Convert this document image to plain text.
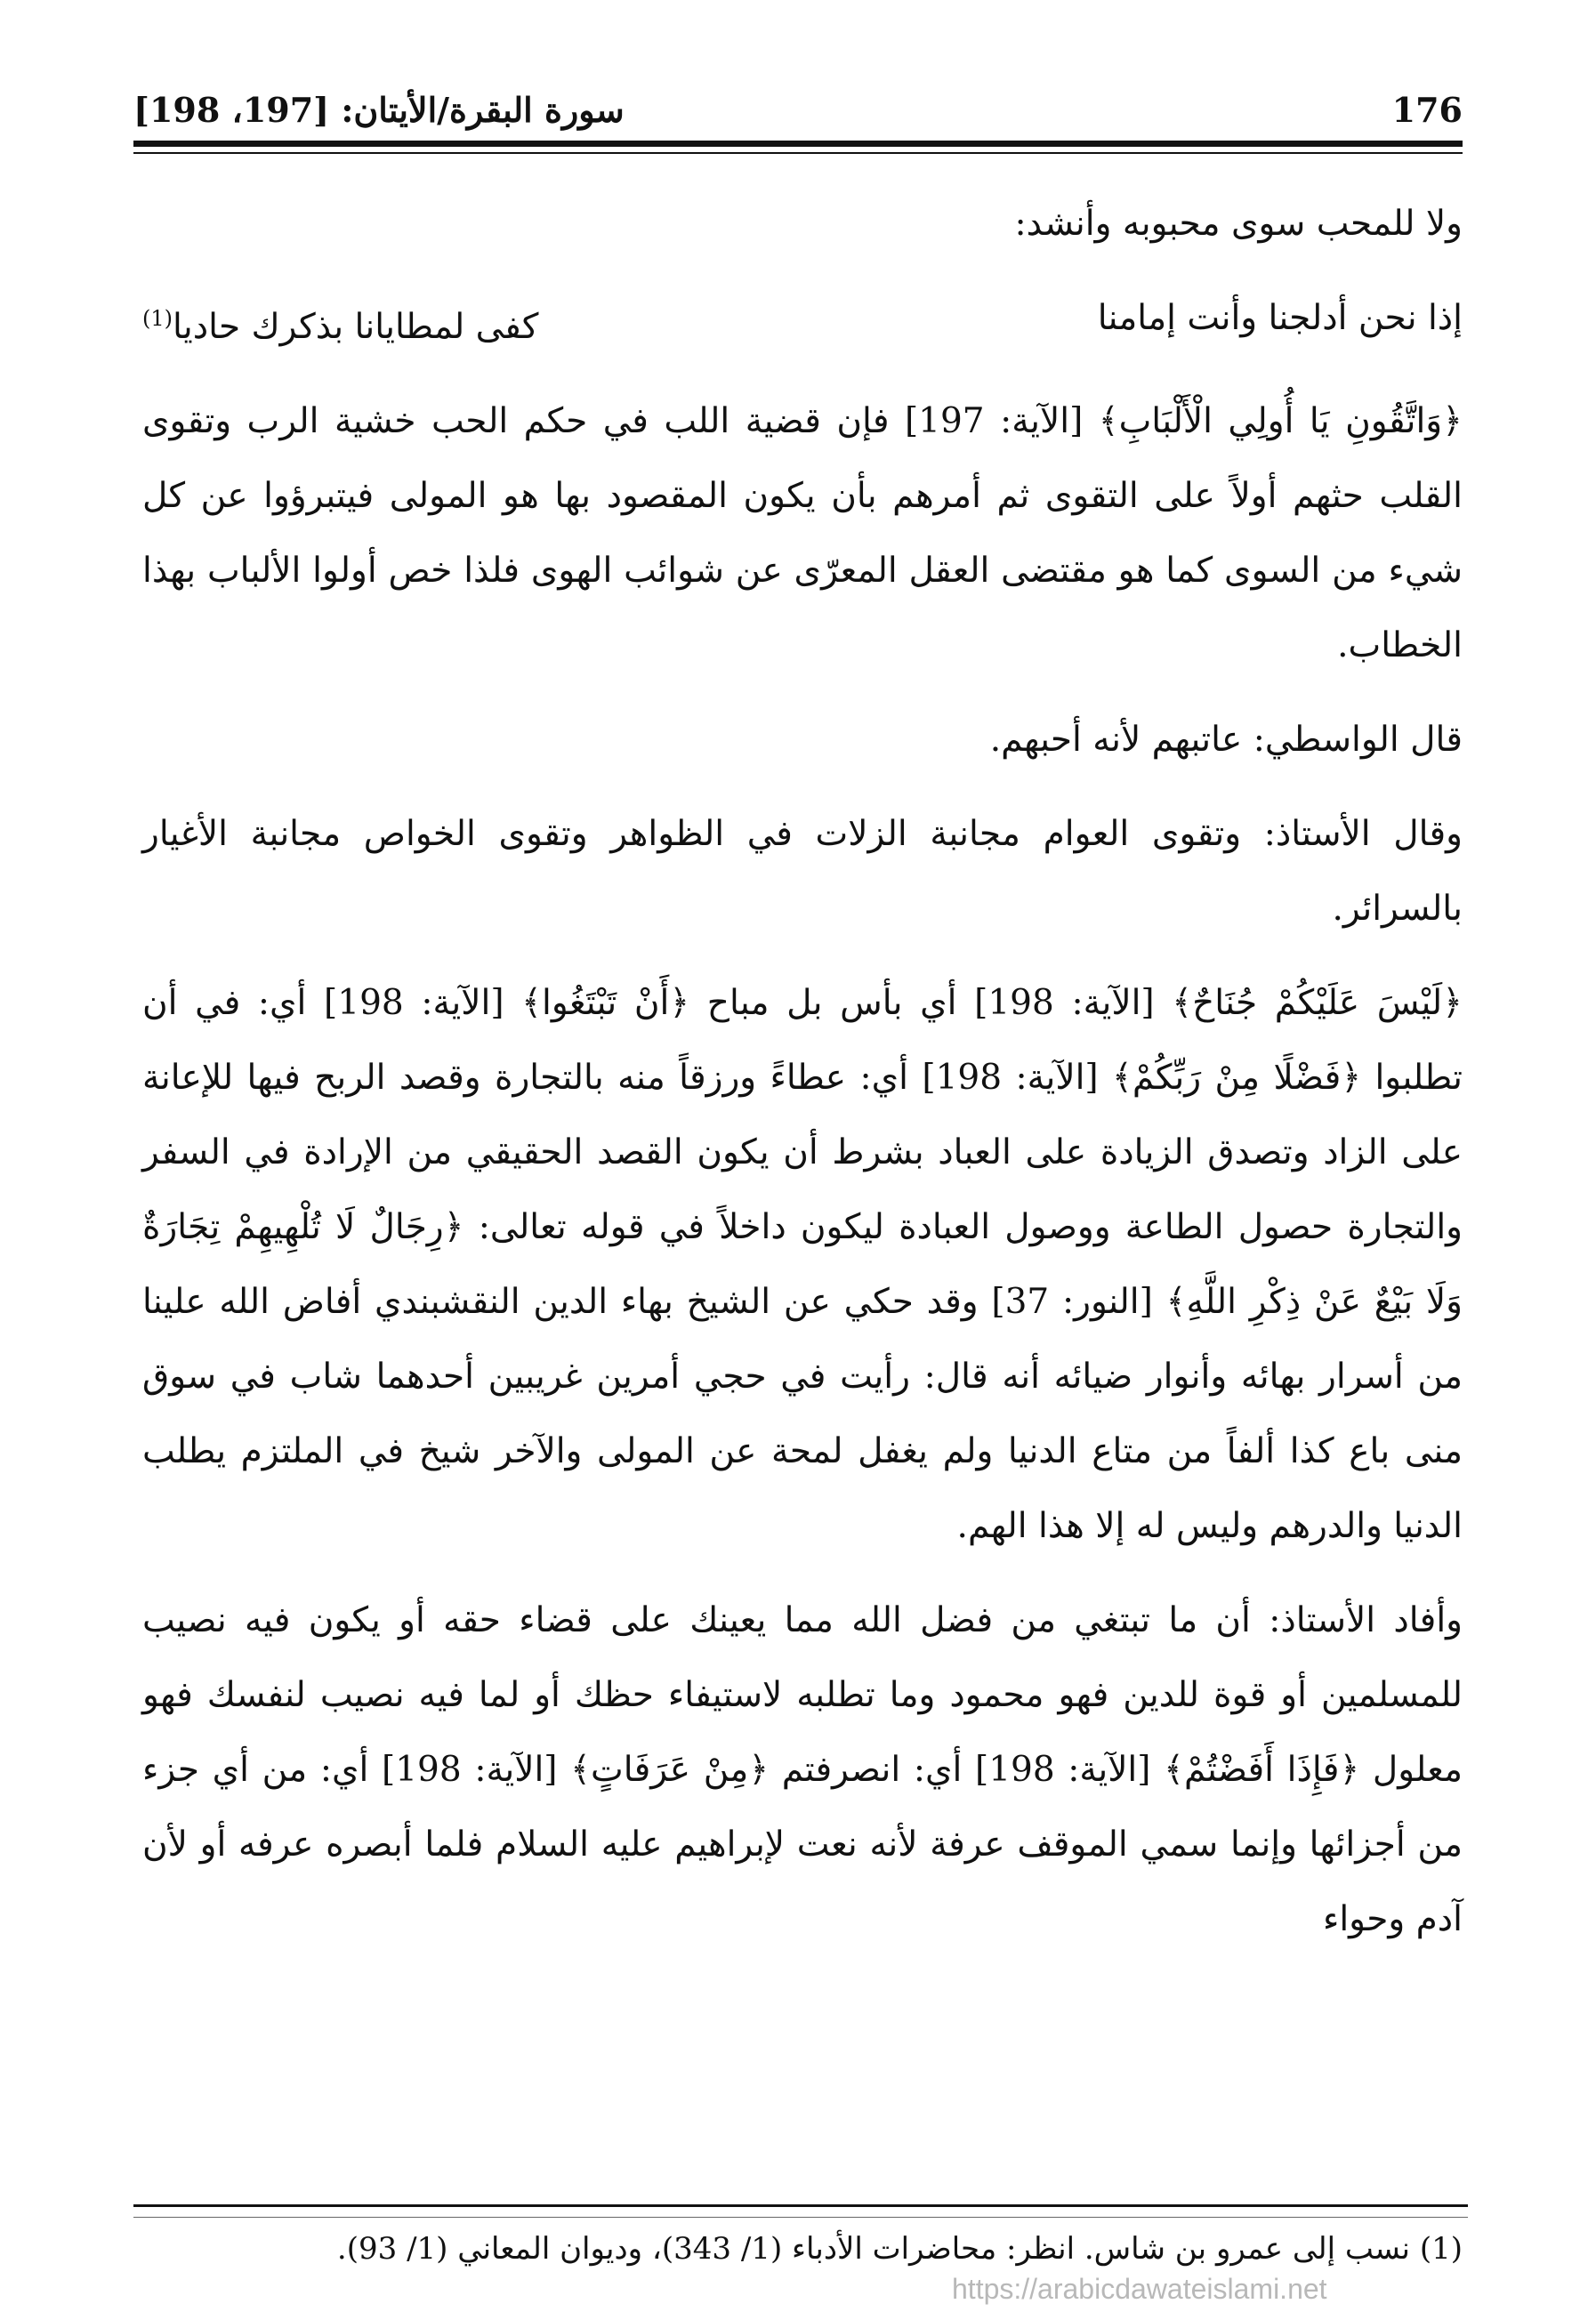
سورة البقرة/الأيتان: [197، 198]	176

ولا للمحب سوى محبوبه وأنشد:

إذا نحن أدلجنا وأنت إمامنا
كفى لمطايانا بذكرك حاديا$^{(1)}$

﴿وَاتَّقُونِ يَا أُولِي الْأَلْبَابِ﴾ [الآية: 197] فإن قضية اللب في حكم الحب خشية الرب وتقوى القلب حثهم أولاً على التقوى ثم أمرهم بأن يكون المقصود بها هو المولى فيتبرؤوا عن كل شيء من السوى كما هو مقتضى العقل المعرّى عن شوائب الهوى فلذا خص أولوا الألباب بهذا الخطاب.

قال الواسطي: عاتبهم لأنه أحبهم.

وقال الأستاذ: وتقوى العوام مجانبة الزلات في الظواهر وتقوى الخواص مجانبة الأغيار بالسرائر.

﴿لَيْسَ عَلَيْكُمْ جُنَاحٌ﴾ [الآية: 198] أي بأس بل مباح ﴿أَنْ تَبْتَغُوا﴾ [الآية: 198] أي: في أن تطلبوا ﴿فَضْلًا مِنْ رَبِّكُمْ﴾ [الآية: 198] أي: عطاءً ورزقاً منه بالتجارة وقصد الربح فيها للإعانة على الزاد وتصدق الزيادة على العباد بشرط أن يكون القصد الحقيقي من الإرادة في السفر والتجارة حصول الطاعة ووصول العبادة ليكون داخلاً في قوله تعالى: ﴿رِجَالٌ لَا تُلْهِيهِمْ تِجَارَةٌ وَلَا بَيْعٌ عَنْ ذِكْرِ اللَّهِ﴾ [النور: 37] وقد حكي عن الشيخ بهاء الدين النقشبندي أفاض الله علينا من أسرار بهائه وأنوار ضيائه أنه قال: رأيت في حجي أمرين غريبين أحدهما شاب في سوق منى باع كذا ألفاً من متاع الدنيا ولم يغفل لمحة عن المولى والآخر شيخ في الملتزم يطلب الدنيا والدرهم وليس له إلا هذا الهم.

وأفاد الأستاذ: أن ما تبتغي من فضل الله مما يعينك على قضاء حقه أو يكون فيه نصيب للمسلمين أو قوة للدين فهو محمود وما تطلبه لاستيفاء حظك أو لما فيه نصيب لنفسك فهو معلول ﴿فَإِذَا أَفَضْتُمْ﴾ [الآية: 198] أي: انصرفتم ﴿مِنْ عَرَفَاتٍ﴾ [الآية: 198] أي: من أي جزء من أجزائها وإنما سمي الموقف عرفة لأنه نعت لإبراهيم عليه السلام فلما أبصره عرفه أو لأن آدم وحواء

(1) نسب إلى عمرو بن شاس. انظر: محاضرات الأدباء (1/ 343)، وديوان المعاني (1/ 93).
https://arabicdawateislami.net
